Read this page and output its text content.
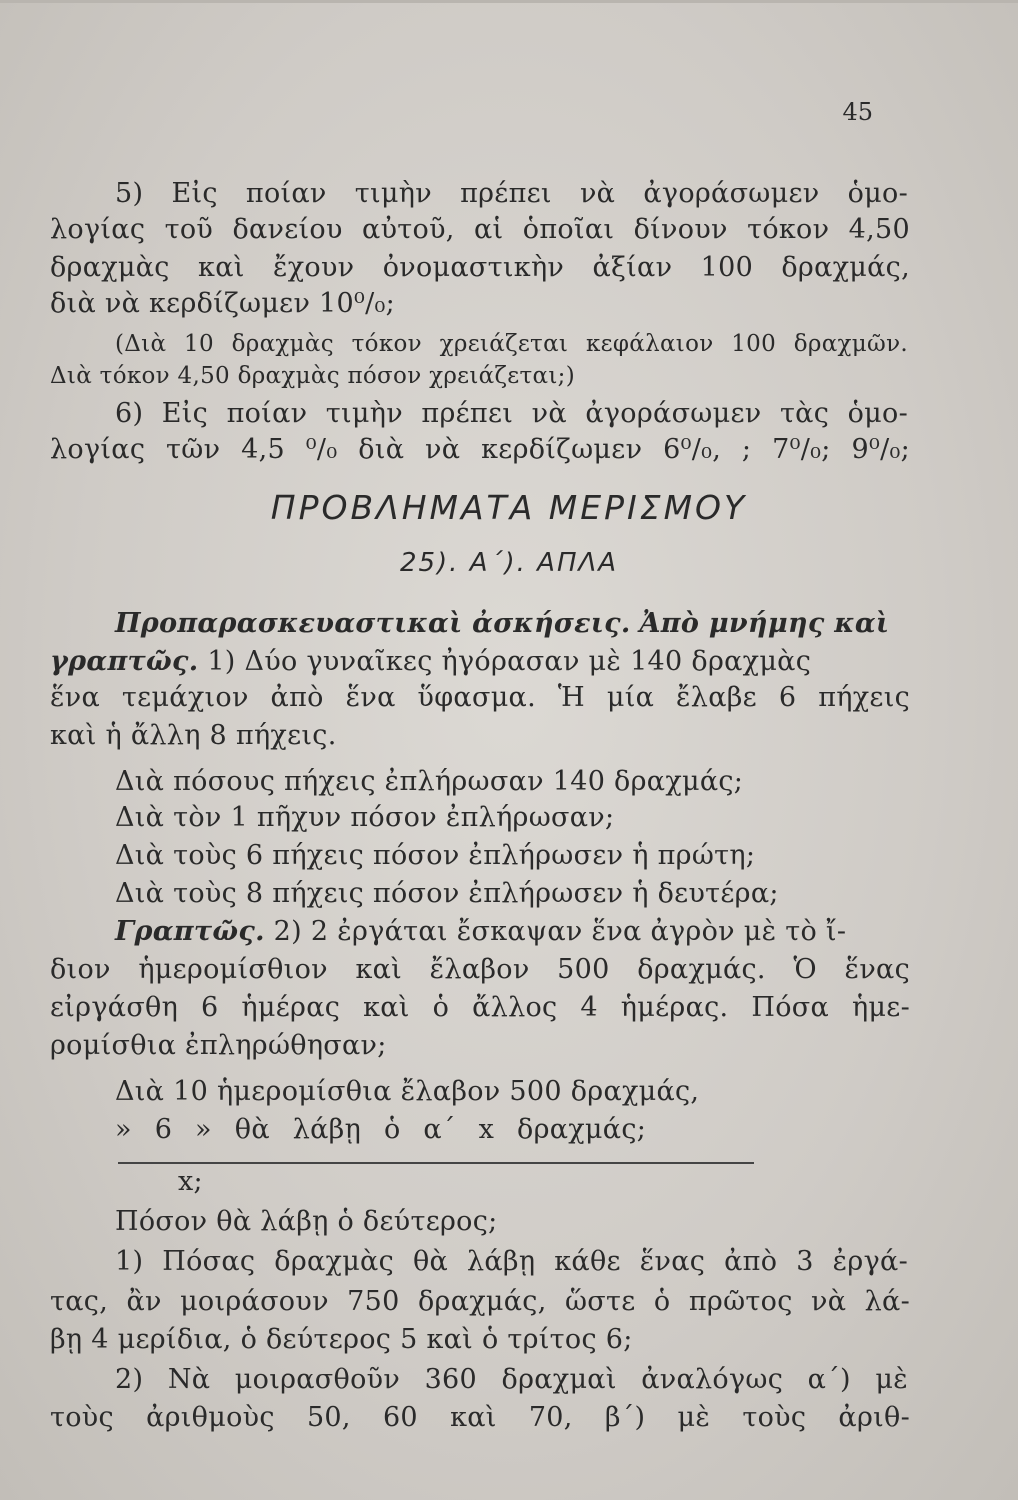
45
5) Εἰς ποίαν τιμὴν πρέπει νὰ ἀγοράσωμεν ὁμο-
λογίας τοῦ δανείου αὐτοῦ, αἱ ὁποῖαι δίνουν τόκον 4,50
δραχμὰς καὶ ἔχουν ὀνομαστικὴν ἀξίαν 100 δραχμάς,
διὰ νὰ κερδίζωμεν 10⁰/₀;
(Διὰ 10 δραχμὰς τόκον χρειάζεται κεφάλαιον 100 δραχμῶν.
Διὰ τόκον 4,50 δραχμὰς πόσον χρειάζεται;)
6) Εἰς ποίαν τιμὴν πρέπει νὰ ἀγοράσωμεν τὰς ὁμο-
λογίας τῶν 4,5 ⁰/₀ διὰ νὰ κερδίζωμεν 6⁰/₀, ; 7⁰/₀; 9⁰/₀;
ΠΡΟΒΛΗΜΑΤΑ ΜΕΡΙΣΜΟΥ
25). Α΄). ΑΠΛΑ
Προπαρασκευαστικαὶ ἀσκήσεις. Ἀπὸ μνήμης καὶ
γραπτῶς. 1) Δύο γυναῖκες ἠγόρασαν μὲ 140 δραχμὰς
ἕνα τεμάχιον ἀπὸ ἕνα ὕφασμα. Ἡ μία ἔλαβε 6 πήχεις
καὶ ἡ ἄλλη 8 πήχεις.
Διὰ πόσους πήχεις ἐπλήρωσαν 140 δραχμάς;
Διὰ τὸν 1 πῆχυν πόσον ἐπλήρωσαν;
Διὰ τοὺς 6 πήχεις πόσον ἐπλήρωσεν ἡ πρώτη;
Διὰ τοὺς 8 πήχεις πόσον ἐπλήρωσεν ἡ δευτέρα;
Γραπτῶς. 2) 2 ἐργάται ἔσκαψαν ἕνα ἀγρὸν μὲ τὸ ἴ-
διον ἡμερομίσθιον καὶ ἔλαβον 500 δραχμάς. Ὁ ἕνας
εἰργάσθη 6 ἡμέρας καὶ ὁ ἄλλος 4 ἡμέρας. Πόσα ἡμε-
ρομίσθια ἐπληρώθησαν;
Διὰ 10 ἡμερομίσθια ἔλαβον 500 δραχμάς,
» 6 » θὰ λάβῃ ὁ α΄ x δραχμάς;
x;
Πόσον θὰ λάβῃ ὁ δεύτερος;
1) Πόσας δραχμὰς θὰ λάβῃ κάθε ἕνας ἀπὸ 3 ἐργά-
τας, ἂν μοιράσουν 750 δραχμάς, ὥστε ὁ πρῶτος νὰ λά-
βῃ 4 μερίδια, ὁ δεύτερος 5 καὶ ὁ τρίτος 6;
2) Νὰ μοιρασθοῦν 360 δραχμαὶ ἀναλόγως α΄) μὲ
τοὺς ἀριθμοὺς 50, 60 καὶ 70, β΄) μὲ τοὺς ἀριθ-
